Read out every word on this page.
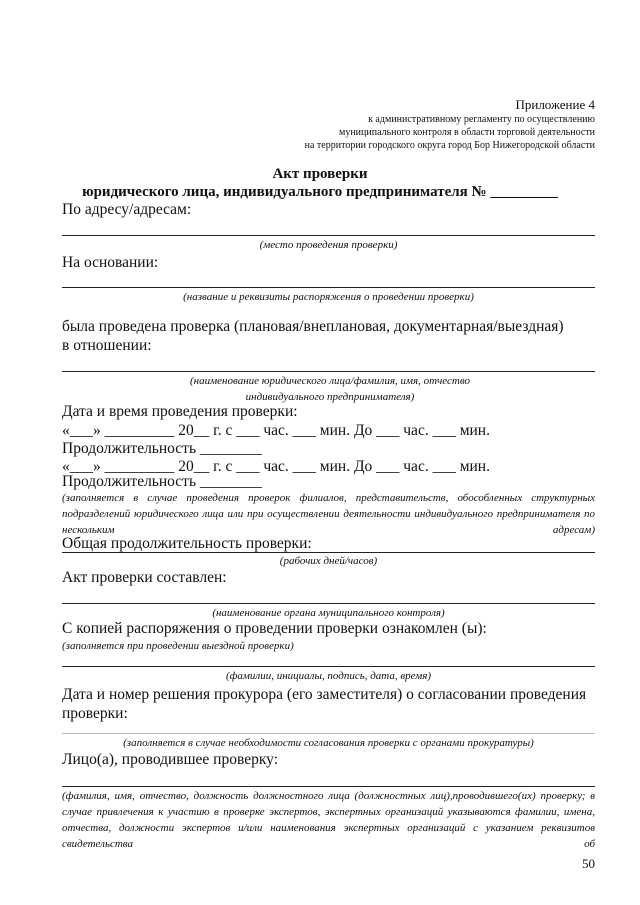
Приложение 4
к административному регламенту по осуществлению
муниципального контроля в области торговой деятельности
на территории городского округа город Бор Нижегородской области
Акт проверки
юридического лица, индивидуального предпринимателя № _________
По адресу/адресам:
(место проведения проверки)
На основании:
(название и реквизиты распоряжения о проведении проверки)
была проведена проверка (плановая/внеплановая, документарная/выездная)
в отношении:
(наименование юридического лица/фамилия, имя, отчество индивидуального предпринимателя)
Дата и время проведения проверки:
«___» _________ 20__ г. с ___ час. ___ мин. До ___ час. ___ мин.
Продолжительность ________
«___» _________ 20__ г. с ___ час. ___ мин. До ___ час. ___ мин.
Продолжительность ________
(заполняется в случае проведения проверок филиалов, представительств, обособленных структурных подразделений юридического лица или при осуществлении деятельности индивидуального предпринимателя по нескольким адресам)
Общая продолжительность проверки:
(рабочих дней/часов)
Акт проверки составлен:
(наименование органа муниципального контроля)
С копией распоряжения о проведении проверки ознакомлен (ы):
(заполняется при проведении выездной проверки)
(фамилии, инициалы, подпись, дата, время)
Дата и номер решения прокурора (его заместителя) о согласовании проведения
проверки:
(заполняется в случае необходимости согласования проверки с органами прокуратуры)
Лицо(а), проводившее проверку:
(фамилия, имя, отчество, должность должностного лица (должностных лиц),проводившего(их) проверку; в случае привлечения к участию в проверке экспертов, экспертных организаций указываются фамилии, имена, отчества, должности экспертов и/или наименования экспертных организаций с указанием реквизитов свидетельства об
50
